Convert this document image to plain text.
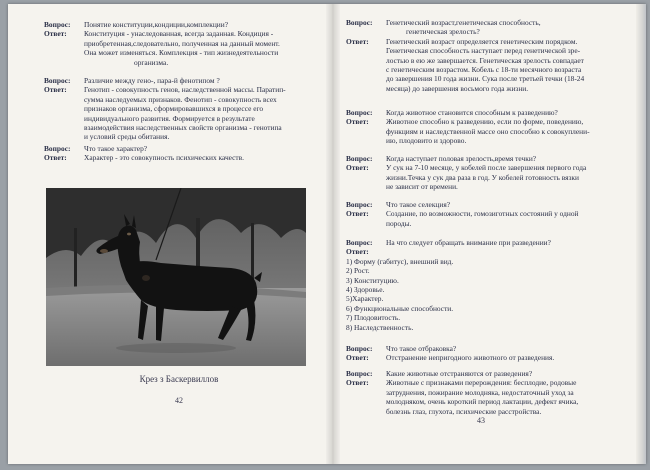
Вопрос:	Понятие конституции,кондиции,комплекции?
Ответ:	Конституция - унаследованная, всегда заданная. Кондиция -
приобретенная,следовательно, полученная на данный момент.
Она может изменяться. Комплекция - тип жизнедеятельности
организма.
Вопрос:	Различие между гено-, пара-й фенотипом ?
Ответ:	Генотип - совокупность генов, наследственной массы. Паратип-
сумма наследуемых признаков. Фенотип - совокупность всех
признаков организма, сформировавшихся в процессе его
индивидуального развития. Формируется в результате
взаимодействия наследственных свойств организма - генотипа
и условий среды обитания.
Вопрос:	Что такое характер?
Ответ:	Характер - это совокупность психических качеств.
Крез з Баскервиллов
42
Вопрос:	Генетический возраст,генетическая способность,
генетическая зрелость?
Ответ:	Генетический возраст определяется генетическим порядком.
Генетическая способность наступает перед генетической зре-
лостью в ею же завершается. Генетическая зрелость совпадает
с генетическим возрастом. Кобель с 18-ти месячного возраста
до завершения 10 года жизни. Сука после третьей течки (18-24
месяца) до завершения восьмого года жизни.
Вопрос:	Когда животное становится способным к разведению?
Ответ:	Животное способно к разведению, если по форме, поведению,
функциям и наследственной массе оно способно к совокуплени-
ию, плодовито и здорово.
Вопрос:	Когда наступает половая зрелость,время течки?
Ответ:	У сук на 7-10 месяце, у кобелей после завершения первого года
жизни.Течка у сук два раза в год. У кобелей готовность вязки
не зависит от времени.
Вопрос:	Что такое селекция?
Ответ:	Создание, по возможности, гомозиготных состояний у одной
породы.
Вопрос:	На что следует обращать внимание при разведении?
Ответ:
1) Форму (габитус), внешний вид.
2) Рост.
3) Конституцию.
4) Здоровье.
5)Характер.
6) Функциональные способности.
7) Плодовитость.
8) Наследственность.
Вопрос:	Что такое отбраковка?
Ответ:	Отстранение непригодного животного от разведения.
Вопрос:	Какие животные отстраняются от разведения?
Ответ:	Животные с признаками перерождения: бесплодие, родовые
затруднения, пожирание молодняка, недостаточный уход за
молодняком, очень короткий период лактации, дефект ячика,
болезнь глаз, глухота, психические расстройства.
43
